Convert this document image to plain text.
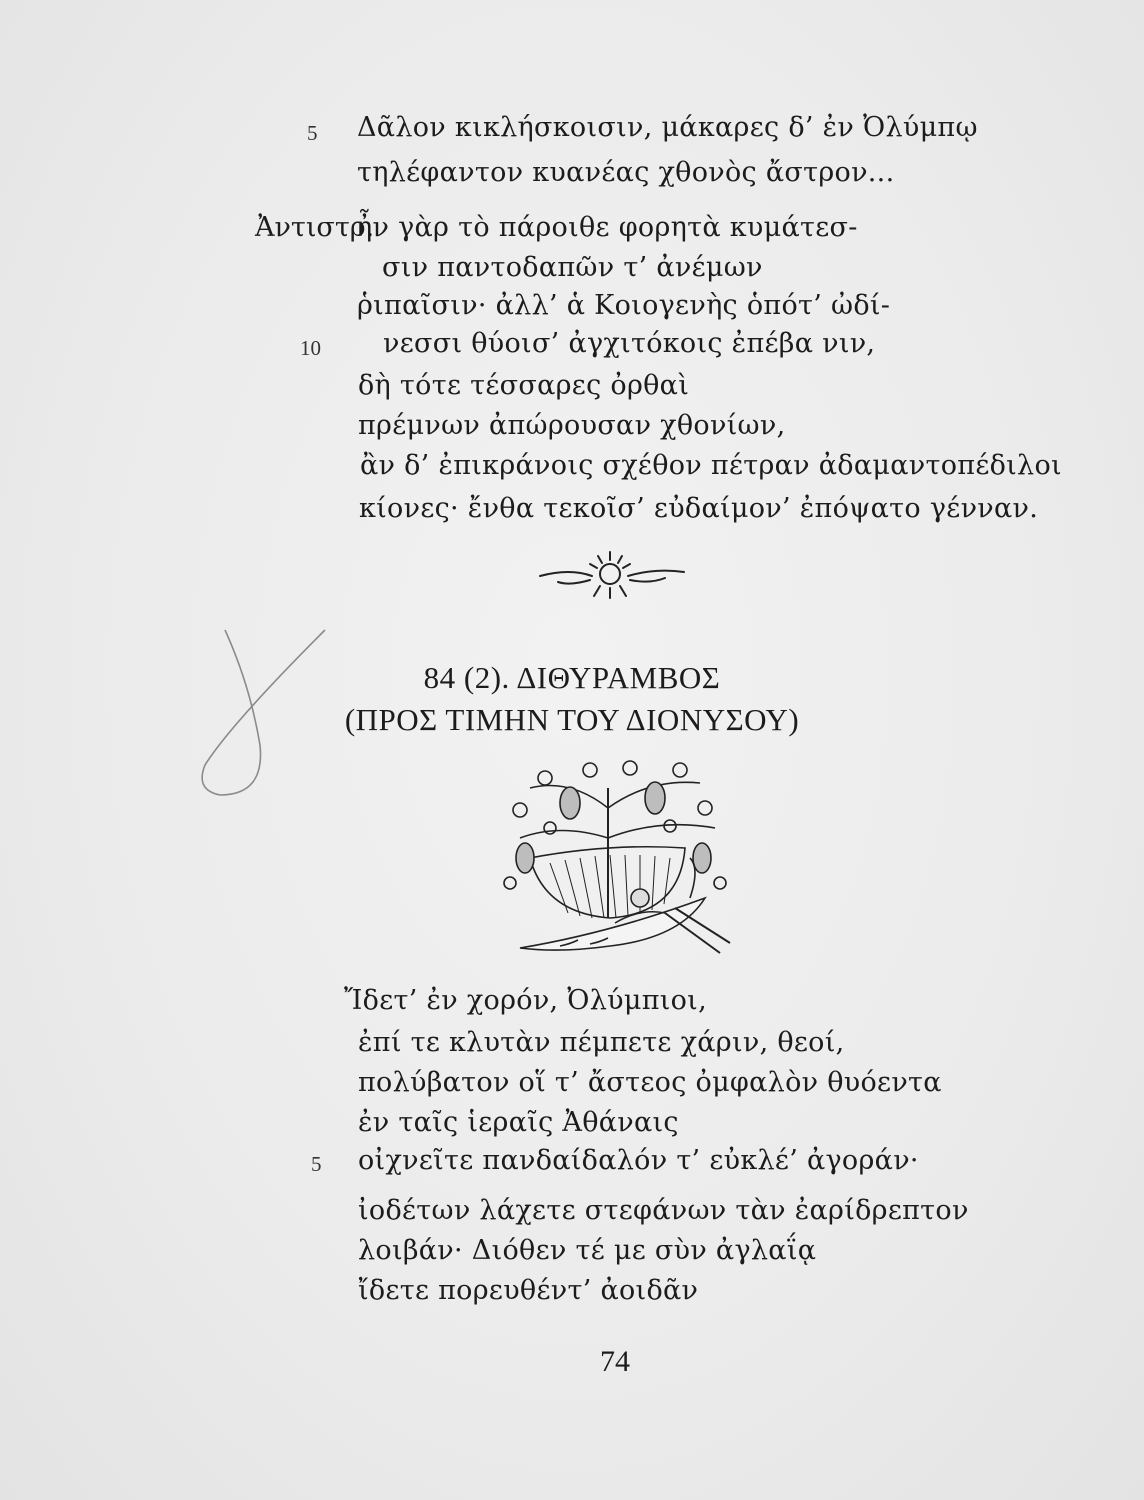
5 Δᾶλον κικλήσκοισιν, μάκαρες δ’ ἐν Ὀλύμπῳ
τηλέφαντον κυανέας χθονὸς ἄστρον...
Ἀντιστρ.
ἦν γὰρ τὸ πάροιθε φορητὰ κυμάτεσ-
σιν παντοδαπῶν τ’ ἀνέμων
ῥιπαῖσιν· ἀλλ’ ἁ Κοιογενὴς ὁπότ’ ὠδί-
10 νεσσι θύοισ’ ἀγχιτόκοις ἐπέβα νιν,
δὴ τότε τέσσαρες ὀρθαὶ
πρέμνων ἀπώρουσαν χθονίων,
ἂν δ’ ἐπικράνοις σχέθον πέτραν ἀδαμαντοπέδιλοι
κίονες· ἔνθα τεκοῖσ’ εὐδαίμον’ ἐπόψατο γένναν.
84 (2). ΔΙΘΥΡΑΜΒΟΣ
(ΠΡΟΣ ΤΙΜΗΝ ΤΟΥ ΔΙΟΝΥΣΟΥ)
Ἴδετ’ ἐν χορόν, Ὀλύμπιοι,
ἐπί τε κλυτὰν πέμπετε χάριν, θεοί,
πολύβατον οἵ τ’ ἄστεος ὀμφαλὸν θυόεντα
ἐν ταῖς ἱεραῖς Ἀθάναις
5 οἰχνεῖτε πανδαίδαλόν τ’ εὐκλέ’ ἀγοράν·
ἰοδέτων λάχετε στεφάνων τὰν ἐαρίδρεπτον
λοιβάν· Διόθεν τέ με σὺν ἀγλαΐᾳ
ἴδετε πορευθέντ’ ἀοιδᾶν
74
